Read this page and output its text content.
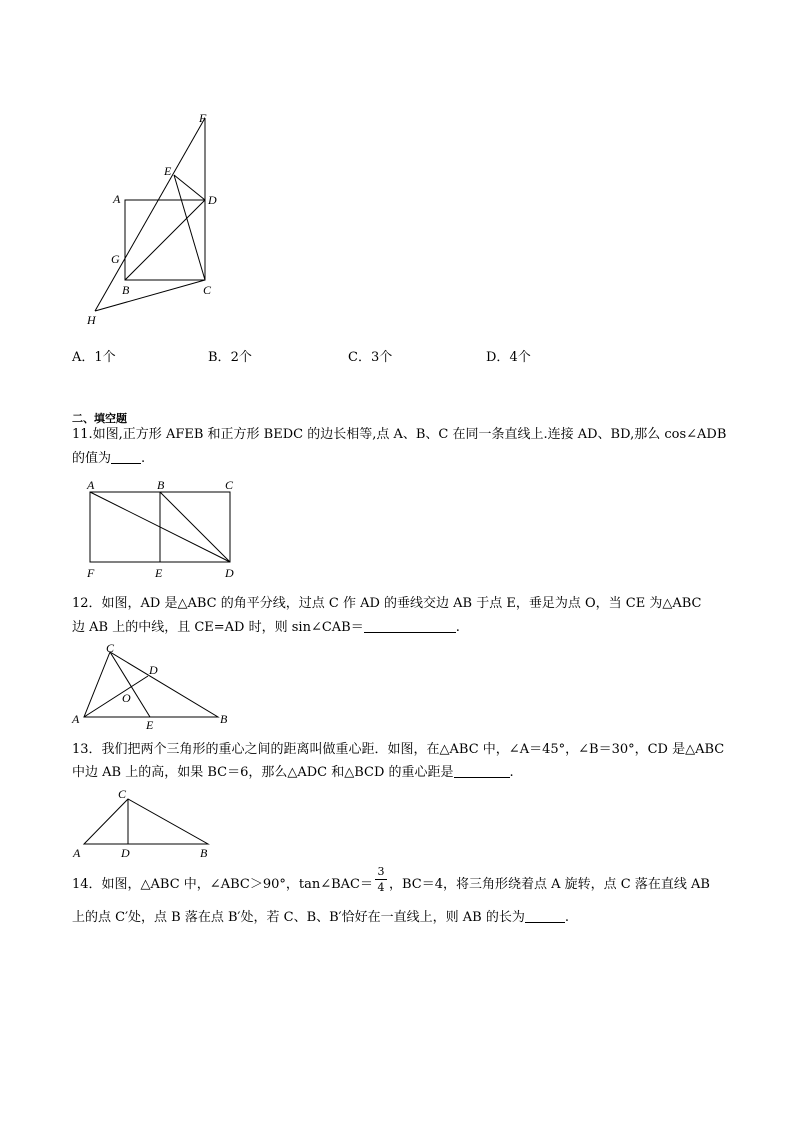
F
E
A	D
G
B	C
H
A．1个	B．2个	C．3个	D．4个
二、填空题
11.如图,正方形 AFEB 和正方形 BEDC 的边长相等,点 A、B、C 在同一条直线上.连接 AD、BD,那么 cos∠ADB
的值为 .
A	B	C
F	E	D
12．如图，AD 是△ABC 的角平分线，过点 C 作 AD 的垂线交边 AB 于点 E，垂足为点 O，当 CE 为△ABC
边 AB 上的中线，且 CE=AD 时，则 sin∠CAB＝	.
C
D
O
A	E	B
13．我们把两个三角形的重心之间的距离叫做重心距．如图，在△ABC 中，∠A＝45°，∠B＝30°，CD 是△ABC
中边 AB 上的高，如果 BC＝6，那么△ADC 和△BCD 的重心距是	.
C
A	D	B
14．如图，△ABC 中，∠ABC＞90°，tan∠BAC＝
3
4 ，BC＝4，将三角形绕着点 A 旋转，点 C 落在直线 AB
上的点 C′处，点 B 落在点 B′处，若 C、B、B′恰好在一直线上，则 AB 的长为	.
